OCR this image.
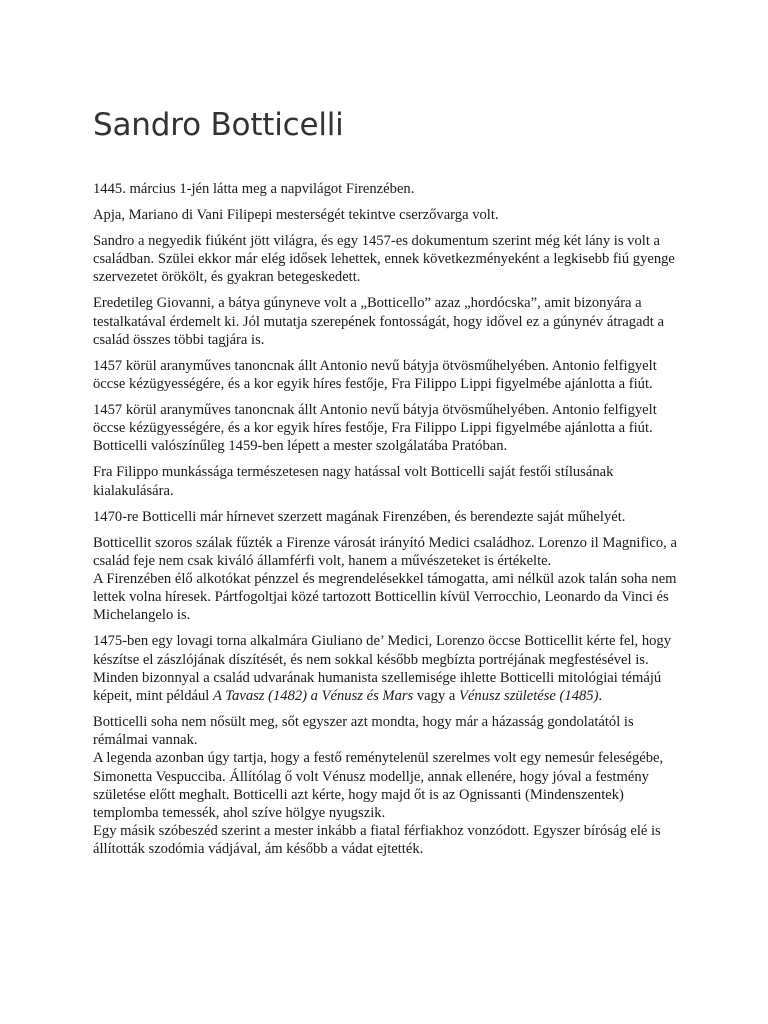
Sandro Botticelli

1445. március 1-jén látta meg a napvilágot Firenzében.

Apja, Mariano di Vani Filipepi mesterségét tekintve cserzővarga volt.

Sandro a negyedik fiúként jött világra, és egy 1457-es dokumentum szerint még két lány is volt a családban. Szülei ekkor már elég idősek lehettek, ennek következményeként a legkisebb fiú gyenge szervezetet örökölt, és gyakran betegeskedett.

Eredetileg Giovanni, a bátya gúnyneve volt a „Botticello” azaz „hordócska”, amit bizonyára a testalkatával érdemelt ki. Jól mutatja szerepének fontosságát, hogy idővel ez a gúnynév átragadt a család összes többi tagjára is.

1457 körül aranyműves tanoncnak állt Antonio nevű bátyja ötvösműhelyében. Antonio felfigyelt öccse kézügyességére, és a kor egyik híres festője, Fra Filippo Lippi figyelmébe ajánlotta a fiút.

1457 körül aranyműves tanoncnak állt Antonio nevű bátyja ötvösműhelyében. Antonio felfigyelt öccse kézügyességére, és a kor egyik híres festője, Fra Filippo Lippi figyelmébe ajánlotta a fiút.
Botticelli valószínűleg 1459-ben lépett a mester szolgálatába Pratóban.

Fra Filippo munkássága természetesen nagy hatással volt Botticelli saját festői stílusának kialakulására.

1470-re Botticelli már hírnevet szerzett magának Firenzében, és berendezte saját műhelyét.

Botticellit szoros szálak fűzték a Firenze városát irányító Medici családhoz. Lorenzo il Magnifico, a család feje nem csak kiváló államférfi volt, hanem a művészeteket is értékelte.
A Firenzében élő alkotókat pénzzel és megrendelésekkel támogatta, ami nélkül azok talán soha nem lettek volna híresek. Pártfogoltjai közé tartozott Botticellin kívül Verrocchio, Leonardo da Vinci és Michelangelo is.

1475-ben egy lovagi torna alkalmára Giuliano de’ Medici, Lorenzo öccse Botticellit kérte fel, hogy készítse el zászlójának díszítését, és nem sokkal később megbízta portréjának megfestésével is. Minden bizonnyal a család udvarának humanista szellemisége ihlette Botticelli mitológiai témájú képeit, mint például A Tavasz (1482) a Vénusz és Mars vagy a Vénusz születése (1485).

Botticelli soha nem nősült meg, sőt egyszer azt mondta, hogy már a házasság gondolatától is rémálmai vannak.
A legenda azonban úgy tartja, hogy a festő reménytelenül szerelmes volt egy nemesúr feleségébe, Simonetta Vespucciba. Állítólag ő volt Vénusz modellje, annak ellenére, hogy jóval a festmény születése előtt meghalt. Botticelli azt kérte, hogy majd őt is az Ognissanti (Mindenszentek) templomba temessék, ahol szíve hölgye nyugszik.
Egy másik szóbeszéd szerint a mester inkább a fiatal férfiakhoz vonzódott. Egyszer bíróság elé is állították szodómia vádjával, ám később a vádat ejtették.
